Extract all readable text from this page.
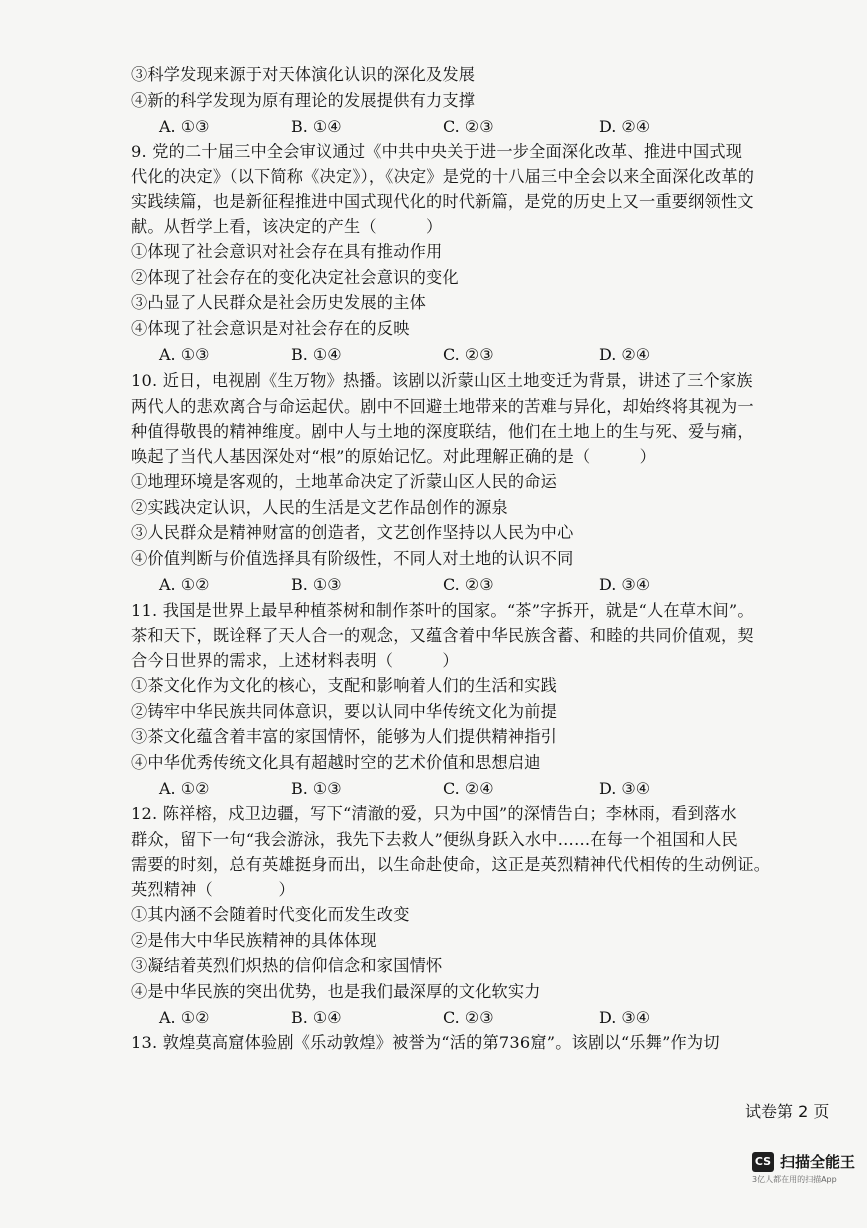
③科学发现来源于对天体演化认识的深化及发展
④新的科学发现为原有理论的发展提供有力支撑
A. ①③	B. ①④	C. ②③	D. ②④
9. 党的二十届三中全会审议通过《中共中央关于进一步全面深化改革、推进中国式现
代化的决定》（以下简称《决定》），《决定》是党的十八届三中全会以来全面深化改革的
实践续篇，也是新征程推进中国式现代化的时代新篇，是党的历史上又一重要纲领性文
献。从哲学上看，该决定的产生（　　　）
①体现了社会意识对社会存在具有推动作用
②体现了社会存在的变化决定社会意识的变化
③凸显了人民群众是社会历史发展的主体
④体现了社会意识是对社会存在的反映
A. ①③	B. ①④	C. ②③	D. ②④
10. 近日，电视剧《生万物》热播。该剧以沂蒙山区土地变迁为背景，讲述了三个家族
两代人的悲欢离合与命运起伏。剧中不回避土地带来的苦难与异化，却始终将其视为一
种值得敬畏的精神维度。剧中人与土地的深度联结，他们在土地上的生与死、爱与痛，
唤起了当代人基因深处对“根”的原始记忆。对此理解正确的是（　　　）
①地理环境是客观的，土地革命决定了沂蒙山区人民的命运
②实践决定认识，人民的生活是文艺作品创作的源泉
③人民群众是精神财富的创造者，文艺创作坚持以人民为中心
④价值判断与价值选择具有阶级性，不同人对土地的认识不同
A. ①②	B. ①③	C. ②③	D. ③④
11. 我国是世界上最早种植茶树和制作茶叶的国家。“茶”字拆开，就是“人在草木间”。
茶和天下，既诠释了天人合一的观念，又蕴含着中华民族含蓄、和睦的共同价值观，契
合今日世界的需求，上述材料表明（　　　）
①茶文化作为文化的核心，支配和影响着人们的生活和实践
②铸牢中华民族共同体意识，要以认同中华传统文化为前提
③茶文化蕴含着丰富的家国情怀，能够为人们提供精神指引
④中华优秀传统文化具有超越时空的艺术价值和思想启迪
A. ①②	B. ①③	C. ②④	D. ③④
12. 陈祥榕，戍卫边疆，写下“清澈的爱，只为中国”的深情告白；李林雨，看到落水
群众，留下一句“我会游泳，我先下去救人”便纵身跃入水中……在每一个祖国和人民
需要的时刻，总有英雄挺身而出，以生命赴使命，这正是英烈精神代代相传的生动例证。
英烈精神（　　　　）
①其内涵不会随着时代变化而发生改变
②是伟大中华民族精神的具体体现
③凝结着英烈们炽热的信仰信念和家国情怀
④是中华民族的突出优势，也是我们最深厚的文化软实力
A. ①②	B. ①④	C. ②③	D. ③④
13. 敦煌莫高窟体验剧《乐动敦煌》被誉为“活的第736窟”。该剧以“乐舞”作为切
试卷第 2 页
CS 扫描全能王
3亿人都在用的扫描App
